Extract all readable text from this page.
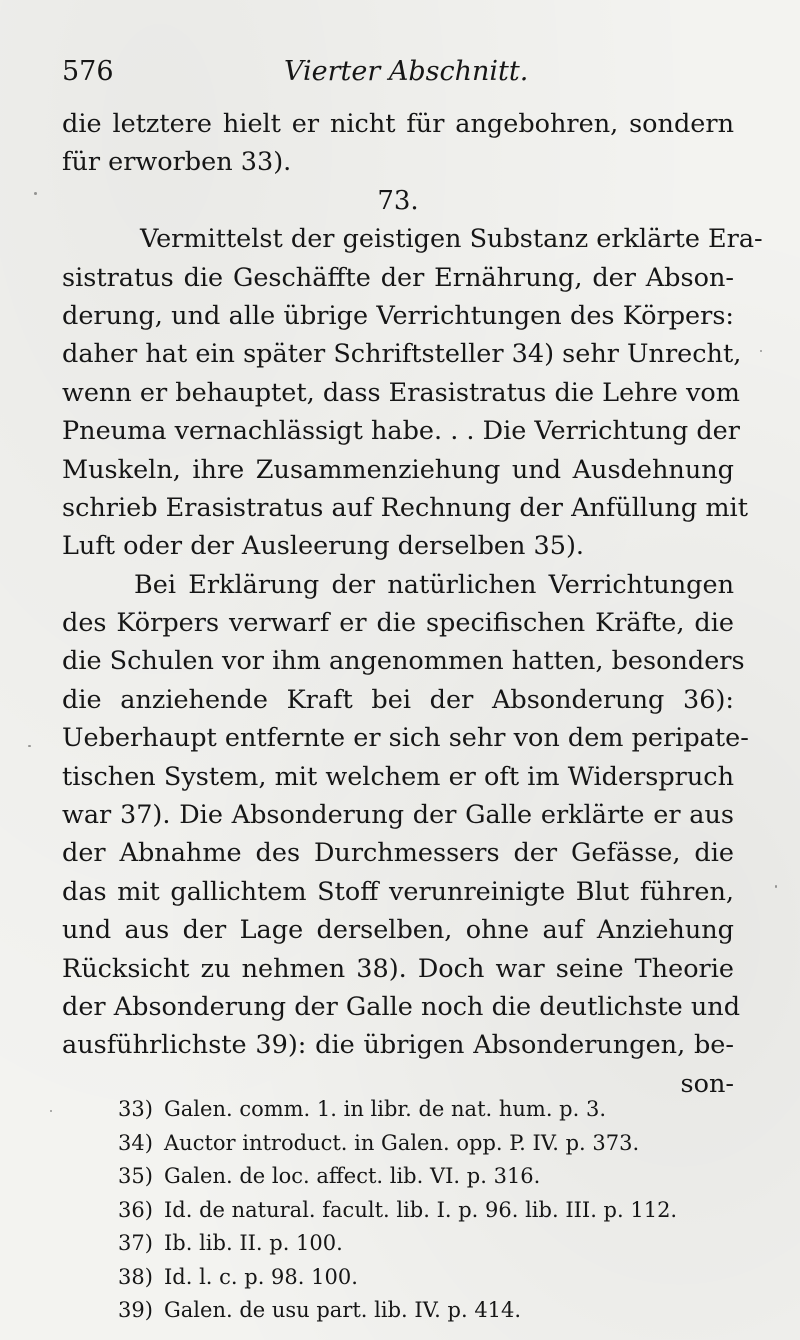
576	Vierter Abschnitt.
die letztere hielt er nicht für angebohren, sondern
für erworben 33).
73.
Vermittelst der geistigen Substanz erklärte Era-
sistratus die Geschäffte der Ernährung, der Abson-
derung, und alle übrige Verrichtungen des Körpers:
daher hat ein später Schriftsteller 34) sehr Unrecht,
wenn er behauptet, dass Erasistratus die Lehre vom
Pneuma vernachlässigt habe. . . Die Verrichtung der
Muskeln, ihre Zusammenziehung und Ausdehnung
schrieb Erasistratus auf Rechnung der Anfüllung mit
Luft oder der Ausleerung derselben 35).
Bei Erklärung der natürlichen Verrichtungen
des Körpers verwarf er die specifischen Kräfte, die
die Schulen vor ihm angenommen hatten, besonders
die anziehende Kraft bei der Absonderung 36):
Ueberhaupt entfernte er sich sehr von dem peripate-
tischen System, mit welchem er oft im Widerspruch
war 37). Die Absonderung der Galle erklärte er aus
der Abnahme des Durchmessers der Gefässe, die
das mit gallichtem Stoff verunreinigte Blut führen,
und aus der Lage derselben, ohne auf Anziehung
Rücksicht zu nehmen 38). Doch war seine Theorie
der Absonderung der Galle noch die deutlichste und
ausführlichste 39): die übrigen Absonderungen, be-
son-
33) Galen. comm. 1. in libr. de nat. hum. p. 3.
34) Auctor introduct. in Galen. opp. P. IV. p. 373.
35) Galen. de loc. affect. lib. VI. p. 316.
36) Id. de natural. facult. lib. I. p. 96. lib. III. p. 112.
37) Ib. lib. II. p. 100.
38) Id. l. c. p. 98. 100.
39) Galen. de usu part. lib. IV. p. 414.
